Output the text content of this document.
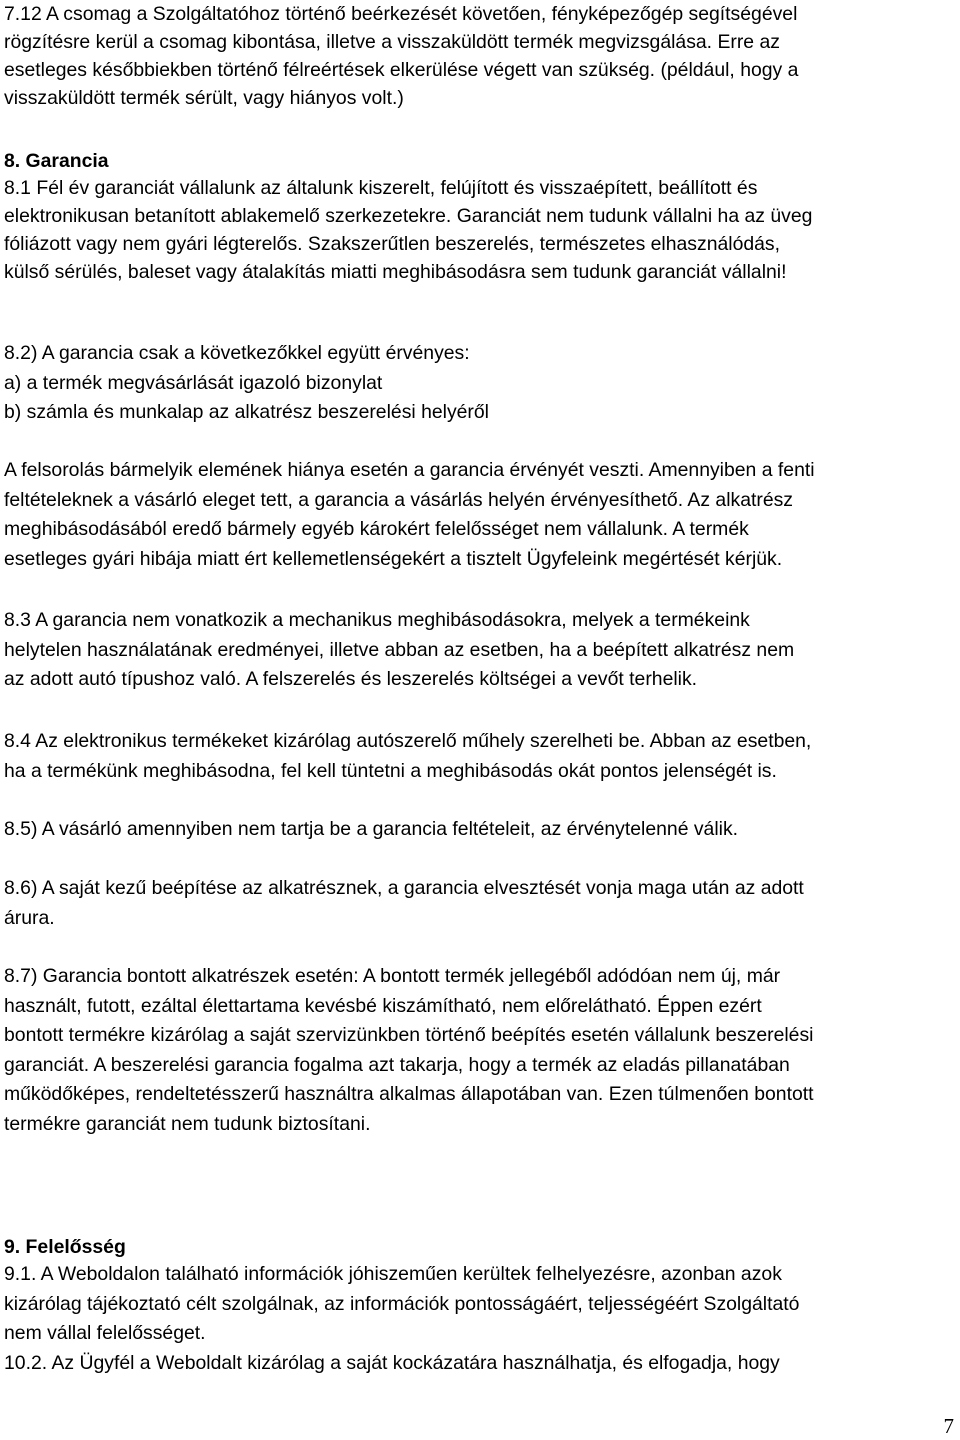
7.12 A csomag a Szolgáltatóhoz történő beérkezését követően, fényképezőgép segítségével
rögzítésre kerül a csomag kibontása, illetve a visszaküldött termék megvizsgálása. Erre az
esetleges későbbiekben történő félreértések elkerülése végett van szükség. (például, hogy a
visszaküldött termék sérült, vagy hiányos volt.)

8. Garancia

8.1 Fél év garanciát vállalunk az általunk kiszerelt, felújított és visszaépített, beállított és
elektronikusan betanított ablakemelő szerkezetekre. Garanciát nem tudunk vállalni ha az üveg
fóliázott vagy nem gyári légterelős. Szakszerűtlen beszerelés, természetes elhasználódás,
külső sérülés, baleset vagy átalakítás miatti meghibásodásra sem tudunk garanciát vállalni!

8.2) A garancia csak a következőkkel együtt érvényes:
a) a termék megvásárlását igazoló bizonylat
b) számla és munkalap az alkatrész beszerelési helyéről

A felsorolás bármelyik elemének hiánya esetén a garancia érvényét veszti. Amennyiben a fenti
feltételeknek a vásárló eleget tett, a garancia a vásárlás helyén érvényesíthető. Az alkatrész
meghibásodásából eredő bármely egyéb károkért felelősséget nem vállalunk. A termék
esetleges gyári hibája miatt ért kellemetlenségekért a tisztelt Ügyfeleink megértését kérjük.

8.3 A garancia nem vonatkozik a mechanikus meghibásodásokra, melyek a termékeink
helytelen használatának eredményei, illetve abban az esetben, ha a beépített alkatrész nem
az adott autó típushoz való. A felszerelés és leszerelés költségei a vevőt terhelik.

8.4 Az elektronikus termékeket kizárólag autószerelő műhely szerelheti be. Abban az esetben,
ha a termékünk meghibásodna, fel kell tüntetni a meghibásodás okát pontos jelenségét is.

8.5) A vásárló amennyiben nem tartja be a garancia feltételeit, az érvénytelenné válik.

8.6) A saját kezű beépítése az alkatrésznek, a garancia elvesztését vonja maga után az adott
árura.

8.7) Garancia bontott alkatrészek esetén: A bontott termék jellegéből adódóan nem új, már
használt, futott, ezáltal élettartama kevésbé kiszámítható, nem előrelátható. Éppen ezért
bontott termékre kizárólag a saját szervizünkben történő beépítés esetén vállalunk beszerelési
garanciát. A beszerelési garancia fogalma azt takarja, hogy a termék az eladás pillanatában
működőképes, rendeltetésszerű használtra alkalmas állapotában van. Ezen túlmenően bontott
termékre garanciát nem tudunk biztosítani.

9. Felelősség

9.1. A Weboldalon található információk jóhiszeműen kerültek felhelyezésre, azonban azok
kizárólag tájékoztató célt szolgálnak, az információk pontosságáért, teljességéért Szolgáltató
nem vállal felelősséget.
10.2. Az Ügyfél a Weboldalt kizárólag a saját kockázatára használhatja, és elfogadja, hogy

7
